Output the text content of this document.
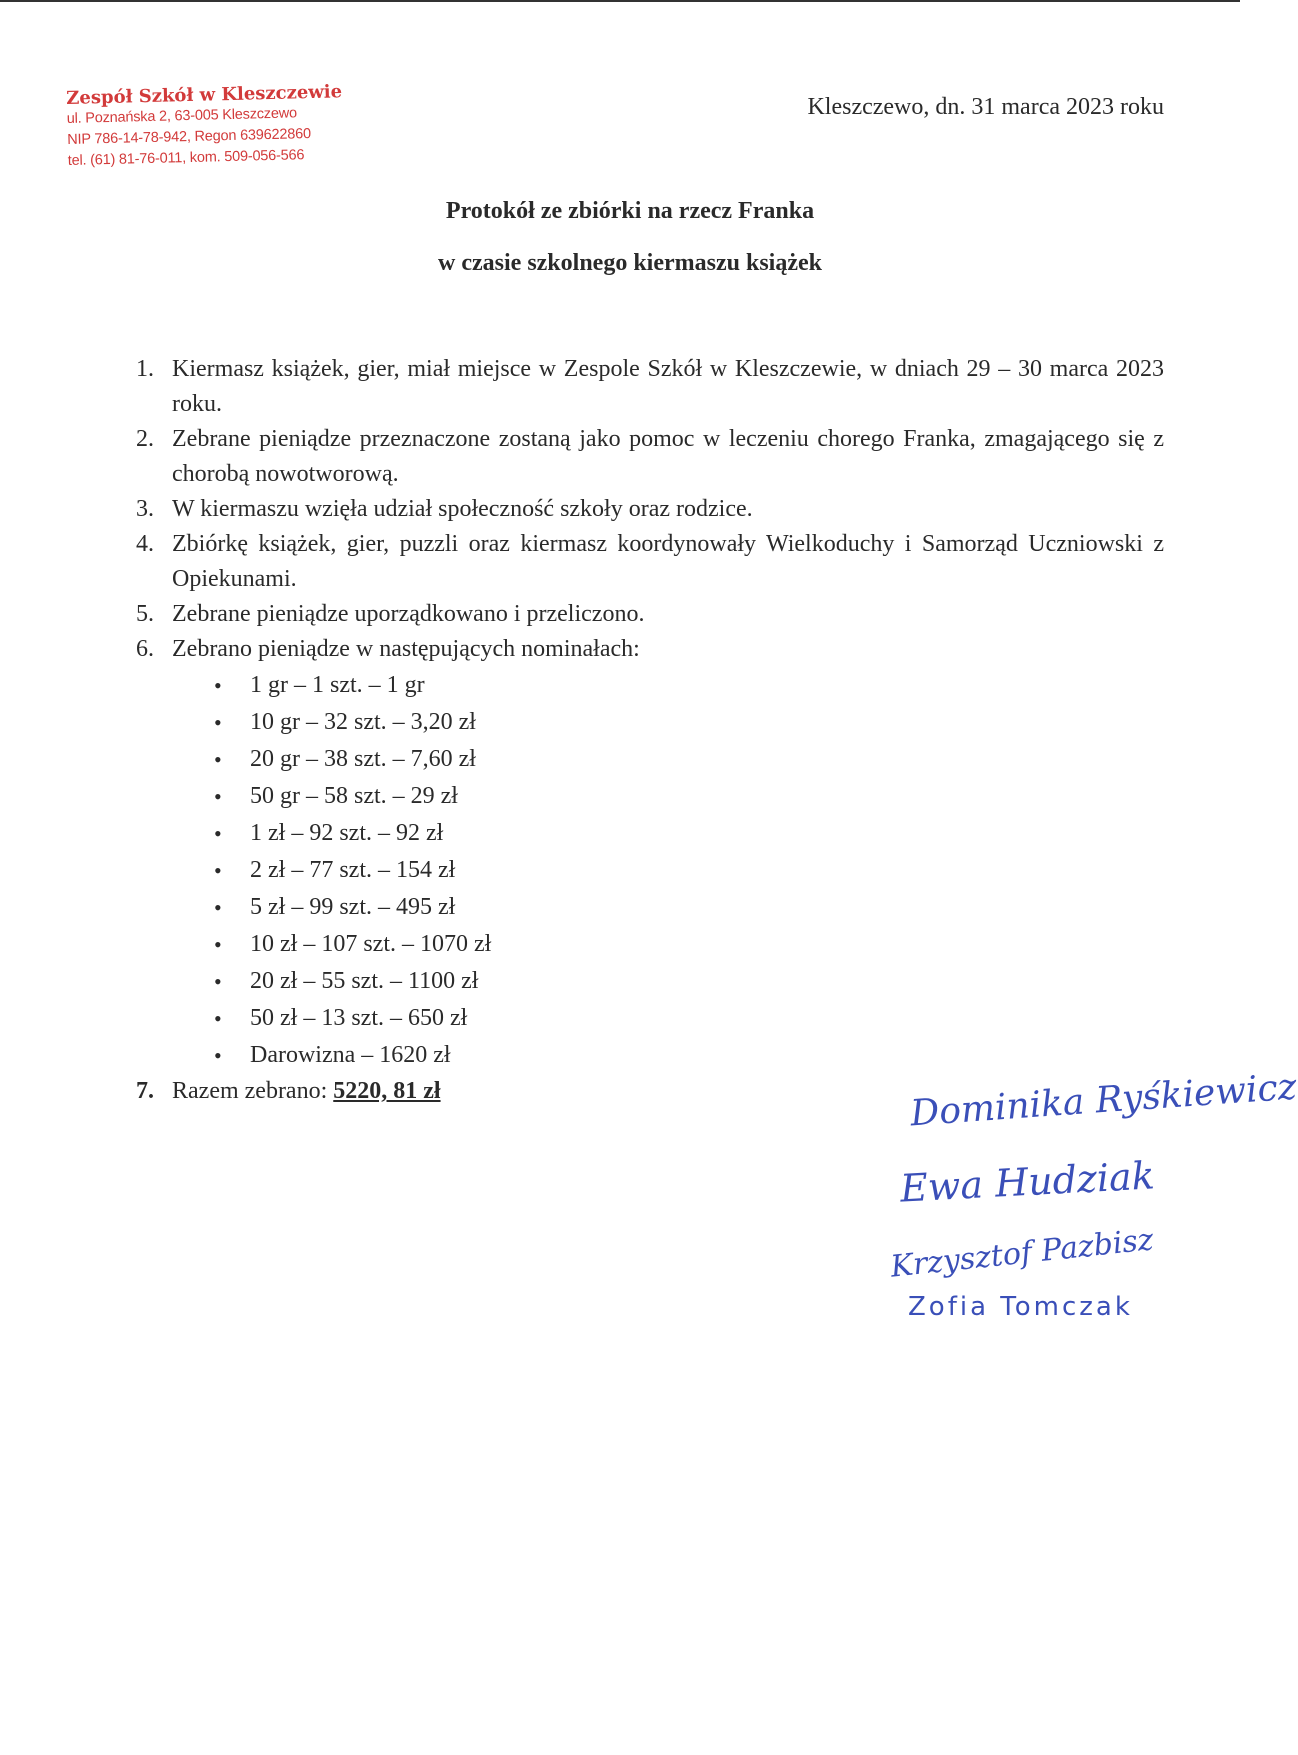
Zespół Szkół w Kleszczewie
ul. Poznańska 2, 63-005 Kleszczewo
NIP 786-14-78-942, Regon 639622860
tel. (61) 81-76-011, kom. 509-056-566
Kleszczewo, dn. 31 marca 2023 roku
Protokół ze zbiórki na rzecz Franka
w czasie szkolnego kiermaszu książek
1. Kiermasz książek, gier, miał miejsce w Zespole Szkół w Kleszczewie, w dniach 29 – 30 marca 2023 roku.
2. Zebrane pieniądze przeznaczone zostaną jako pomoc w leczeniu chorego Franka, zmagającego się z chorobą nowotworową.
3. W kiermaszu wzięła udział społeczność szkoły oraz rodzice.
4. Zbiórkę książek, gier, puzzli oraz kiermasz koordynowały Wielkoduchy i Samorząd Uczniowski z Opiekunami.
5. Zebrane pieniądze uporządkowano i przeliczono.
6. Zebrano pieniądze w następujących nominałach:
• 1 gr – 1 szt. – 1 gr
• 10 gr – 32 szt. – 3,20 zł
• 20 gr – 38 szt. – 7,60 zł
• 50 gr – 58 szt. – 29 zł
• 1 zł – 92 szt. – 92 zł
• 2 zł – 77 szt. – 154 zł
• 5 zł – 99 szt. – 495 zł
• 10 zł – 107 szt. – 1070 zł
• 20 zł – 55 szt. – 1100 zł
• 50 zł – 13 szt. – 650 zł
• Darowizna – 1620 zł
7. Razem zebrano: 5220, 81 zł	Dominika Ryśkiewicz
Ewa Hudziak
Krzysztof Pazbisz
Zofia Tomczak
